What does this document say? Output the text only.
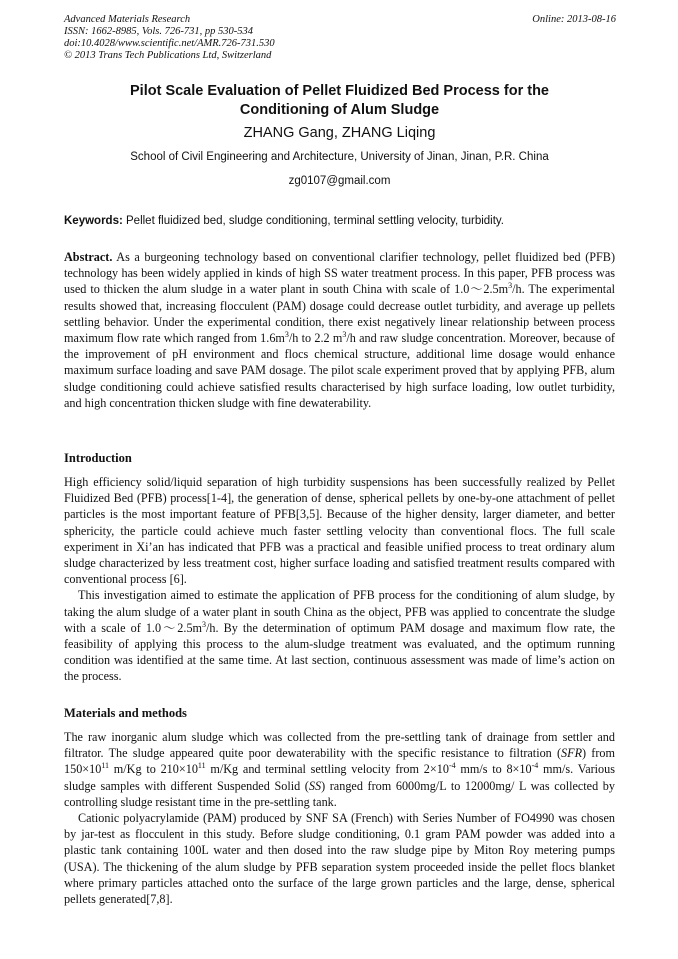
Advanced Materials Research
ISSN: 1662-8985, Vols. 726-731, pp 530-534
doi:10.4028/www.scientific.net/AMR.726-731.530
© 2013 Trans Tech Publications Ltd, Switzerland
Online: 2013-08-16
Pilot Scale Evaluation of Pellet Fluidized Bed Process for the
Conditioning of Alum Sludge
ZHANG Gang, ZHANG Liqing
School of Civil Engineering and Architecture, University of Jinan, Jinan, P.R. China
zg0107@gmail.com
Keywords: Pellet fluidized bed, sludge conditioning, terminal settling velocity, turbidity.

Abstract. As a burgeoning technology based on conventional clarifier technology, pellet fluidized bed (PFB) technology has been widely applied in kinds of high SS water treatment process. In this paper, PFB process was used to thicken the alum sludge in a water plant in south China with scale of $1.0\sim 2.5m^3/h$. The experimental results showed that, increasing flocculent (PAM) dosage could decrease outlet turbidity, and average up pellets settling behavior. Under the experimental condition, there exist negatively linear relationship between process maximum flow rate which ranged from $1.6m^3/h$ to 2.2 $m^3/h$ and raw sludge concentration. Moreover, because of the improvement of pH environment and flocs chemical structure, additional lime dosage would enhance maximum surface loading and save PAM dosage. The pilot scale experiment proved that by applying PFB, alum sludge conditioning could achieve satisfied results characterised by high surface loading, low outlet turbidity, and high concentration thicken sludge with fine dewaterability.

Introduction

High efficiency solid/liquid separation of high turbidity suspensions has been successfully realized by Pellet Fluidized Bed (PFB) process[1-4], the generation of dense, spherical pellets by one-by-one attachment of pellet particles is the most important feature of PFB[3,5]. Because of the higher density, larger diameter, and better sphericity, the particle could achieve much faster settling velocity than conventional flocs. The full scale experiment in Xi’an has indicated that PFB was a practical and feasible unified process to treat ordinary alum sludge characterized by less treatment cost, higher surface loading and satisfied treatment results compared with conventional process [6].

This investigation aimed to estimate the application of PFB process for the conditioning of alum sludge, by taking the alum sludge of a water plant in south China as the object, PFB was applied to concentrate the sludge with a scale of $1.0\sim 2.5m^3/h$. By the determination of optimum PAM dosage and maximum flow rate, the feasibility of applying this process to the alum-sludge treatment was evaluated, and the optimum running condition was identified at the same time. At last section, continuous assessment was made of lime’s action on the process.

Materials and methods

The raw inorganic alum sludge which was collected from the pre-settling tank of drainage from settler and filtrator. The sludge appeared quite poor dewaterability with the specific resistance to filtration (SFR) from $150\times 10^{11}$ m/Kg to $210\times 10^{11}$ m/Kg and terminal settling velocity from $2\times 10^{-4}$ mm/s to $8\times 10^{-4}$ mm/s. Various sludge samples with different Suspended Solid (SS) ranged from 6000mg/L to 12000mg/ L was collected by controlling sludge resistant time in the pre-settling tank.

Cationic polyacrylamide (PAM) produced by SNF SA (French) with Series Number of FO4990 was chosen by jar-test as flocculent in this study. Before sludge conditioning, 0.1 gram PAM powder was added into a plastic tank containing 100L water and then dosed into the raw sludge pipe by Miton Roy metering pumps (USA). The thickening of the alum sludge by PFB separation system proceeded inside the pellet flocs blanket where primary particles attached onto the surface of the large grown particles and the large, dense, spherical pellets generated[7,8].
